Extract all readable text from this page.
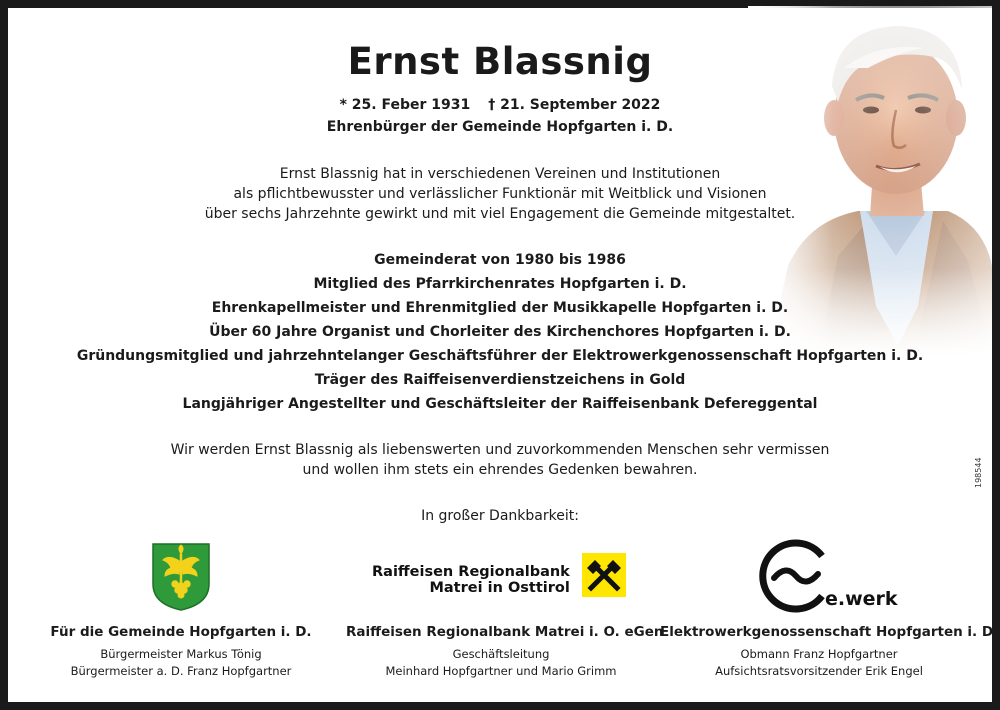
Ernst Blassnig
* 25. Feber 1931 † 21. September 2022
Ehrenbürger der Gemeinde Hopfgarten i. D.
Ernst Blassnig hat in verschiedenen Vereinen und Institutionen
als pflichtbewusster und verlässlicher Funktionär mit Weitblick und Visionen
über sechs Jahrzehnte gewirkt und mit viel Engagement die Gemeinde mitgestaltet.
Gemeinderat von 1980 bis 1986
Mitglied des Pfarrkirchenrates Hopfgarten i. D.
Ehrenkapellmeister und Ehrenmitglied der Musikkapelle Hopfgarten i. D.
Über 60 Jahre Organist und Chorleiter des Kirchenchores Hopfgarten i. D.
Gründungsmitglied und jahrzehntelanger Geschäftsführer der Elektrowerkgenossenschaft Hopfgarten i. D.
Träger des Raiffeisenverdienstzeichens in Gold
Langjähriger Angestellter und Geschäftsleiter der Raiffeisenbank Defereggental
Wir werden Ernst Blassnig als liebenswerten und zuvorkommenden Menschen sehr vermissen
und wollen ihm stets ein ehrendes Gedenken bewahren.
In großer Dankbarkeit:
Für die Gemeinde Hopfgarten i. D.
Bürgermeister Markus Tönig
Bürgermeister a. D. Franz Hopfgartner
Raiffeisen Regionalbank
Matrei in Osttirol
Raiffeisen Regionalbank Matrei i. O. eGen
Geschäftsleitung
Meinhard Hopfgartner und Mario Grimm
e.werk
Elektrowerkgenossenschaft Hopfgarten i. D.
Obmann Franz Hopfgartner
Aufsichtsratsvorsitzender Erik Engel
198544
